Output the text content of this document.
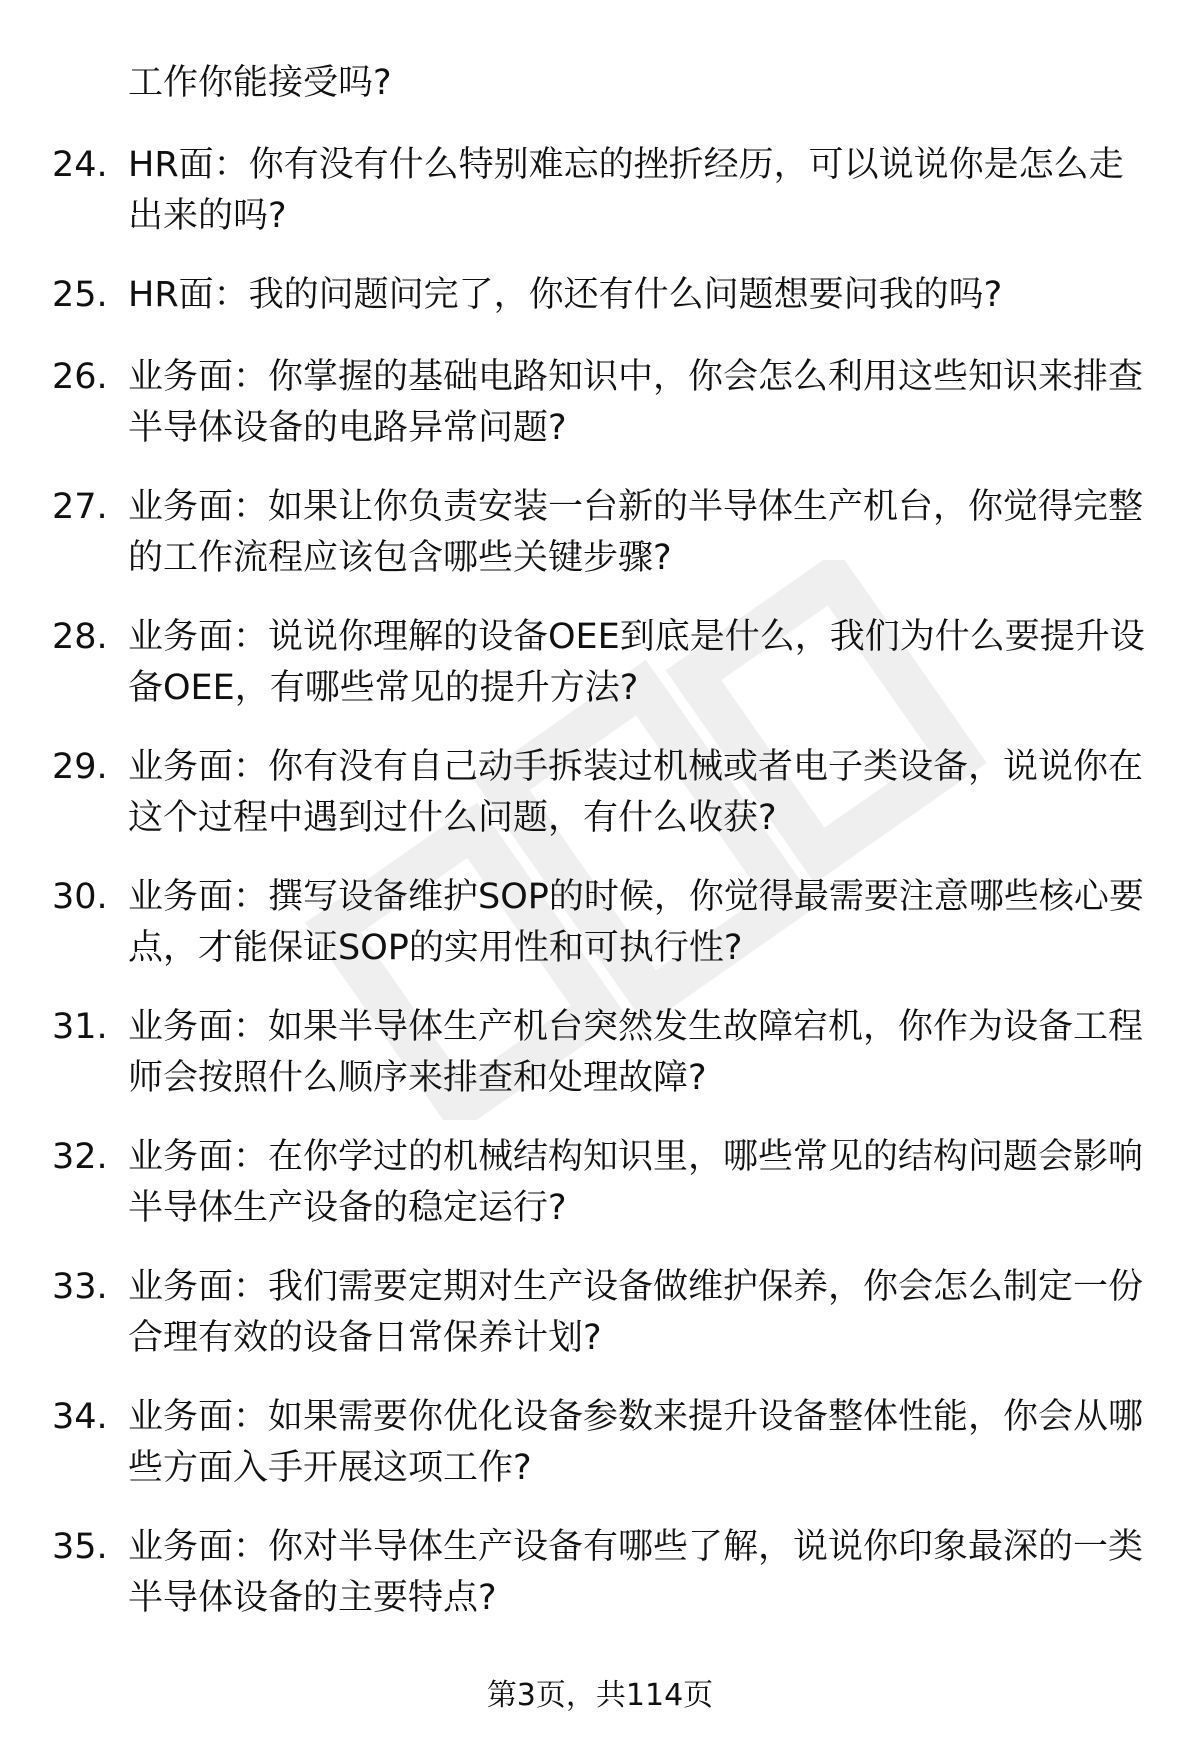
工作你能接受吗?
24. HR面：你有没有什么特别难忘的挫折经历，可以说说你是怎么走出来的吗?
25. HR面：我的问题问完了，你还有什么问题想要问我的吗?
26. 业务面：你掌握的基础电路知识中，你会怎么利用这些知识来排查半导体设备的电路异常问题?
27. 业务面：如果让你负责安装一台新的半导体生产机台，你觉得完整的工作流程应该包含哪些关键步骤?
28. 业务面：说说你理解的设备OEE到底是什么，我们为什么要提升设备OEE，有哪些常见的提升方法?
29. 业务面：你有没有自己动手拆装过机械或者电子类设备，说说你在这个过程中遇到过什么问题，有什么收获?
30. 业务面：撰写设备维护SOP的时候，你觉得最需要注意哪些核心要点，才能保证SOP的实用性和可执行性?
31. 业务面：如果半导体生产机台突然发生故障宕机，你作为设备工程师会按照什么顺序来排查和处理故障?
32. 业务面：在你学过的机械结构知识里，哪些常见的结构问题会影响半导体生产设备的稳定运行?
33. 业务面：我们需要定期对生产设备做维护保养，你会怎么制定一份合理有效的设备日常保养计划?
34. 业务面：如果需要你优化设备参数来提升设备整体性能，你会从哪些方面入手开展这项工作?
35. 业务面：你对半导体生产设备有哪些了解，说说你印象最深的一类半导体设备的主要特点?
第3页，共114页
